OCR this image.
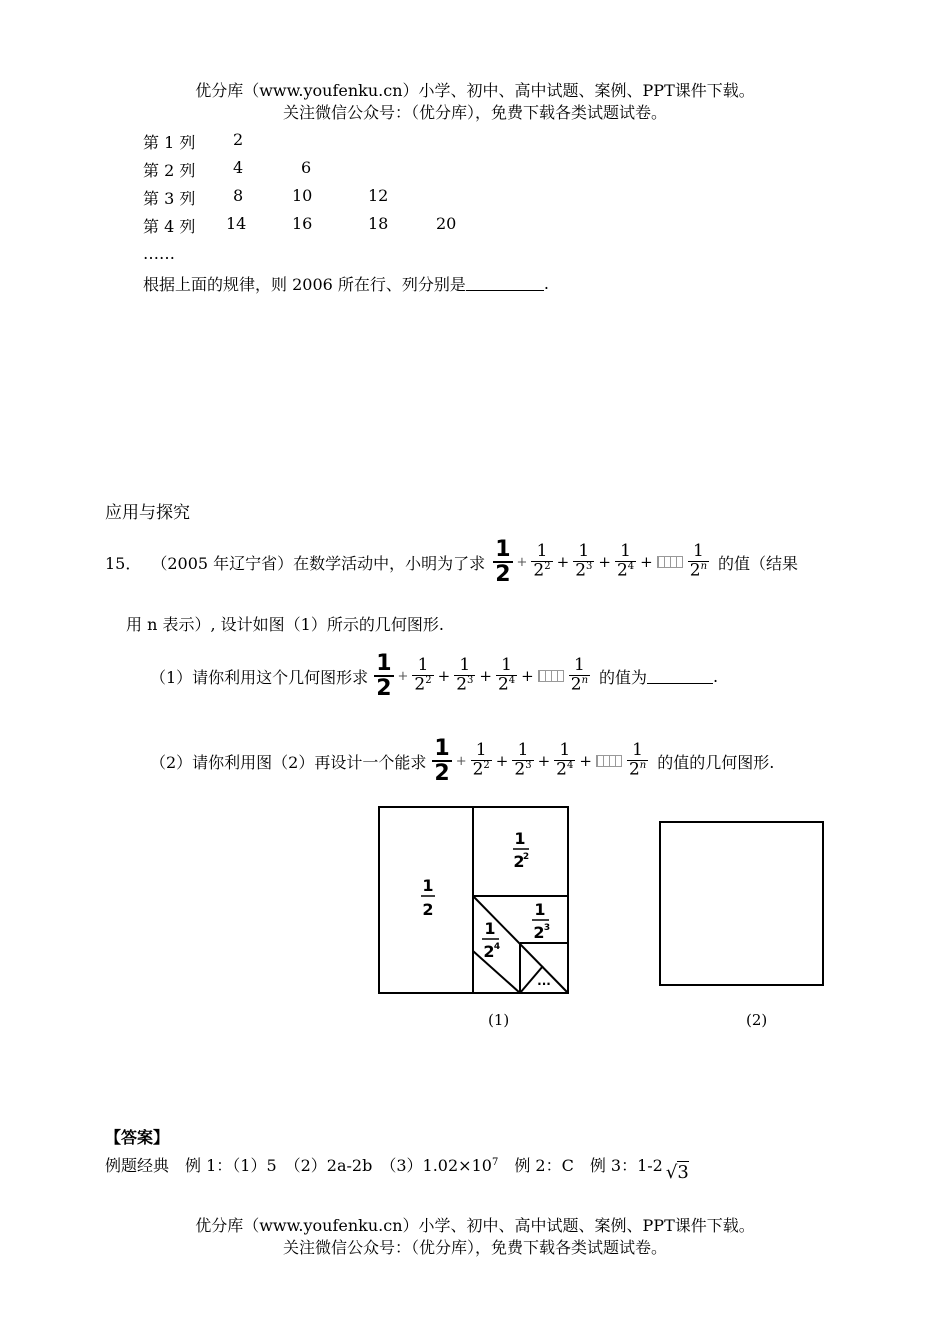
优分库（www.youfenku.cn）小学、初中、高中试题、案例、PPT课件下载。
关注微信公众号：（优分库），免费下载各类试题试卷。
第 1 列 2
第 2 列 4	6
第 3 列 8	10	12
第 4 列 14	16	18	20
……
根据上面的规律，则 2006 所在行、列分别是	.
应用与探究
15． （2005 年辽宁省）在数学活动中，小明为了求 $\frac{1}{2} + \frac{1}{2^2} + \frac{1}{2^3} + \frac{1}{2^4} + \frac{1}{2^n}$ 的值（结果
用 n 表示）, 设计如图（1）所示的几何图形.
（1）请你利用这个几何图形求 $\frac{1}{2} + \frac{1}{2^2} + \frac{1}{2^3} + \frac{1}{2^4} + \frac{1}{2^n}$ 的值为	.
（2）请你利用图（2）再设计一个能求 $\frac{1}{2} + \frac{1}{2^2} + \frac{1}{2^3} + \frac{1}{2^4} + \frac{1}{2^n}$ 的值的几何图形.
1
2
1
2
2
1
2 3
1
2 4
...
(1)	(2)
【答案】
例题经典　例 1：（1）5　（2）2a-2b　$(3)1.02\times 10^7$ 　例 2：C　例 3：1-2 √3
优分库（www.youfenku.cn）小学、初中、高中试题、案例、PPT课件下载。
关注微信公众号：（优分库），免费下载各类试题试卷。
